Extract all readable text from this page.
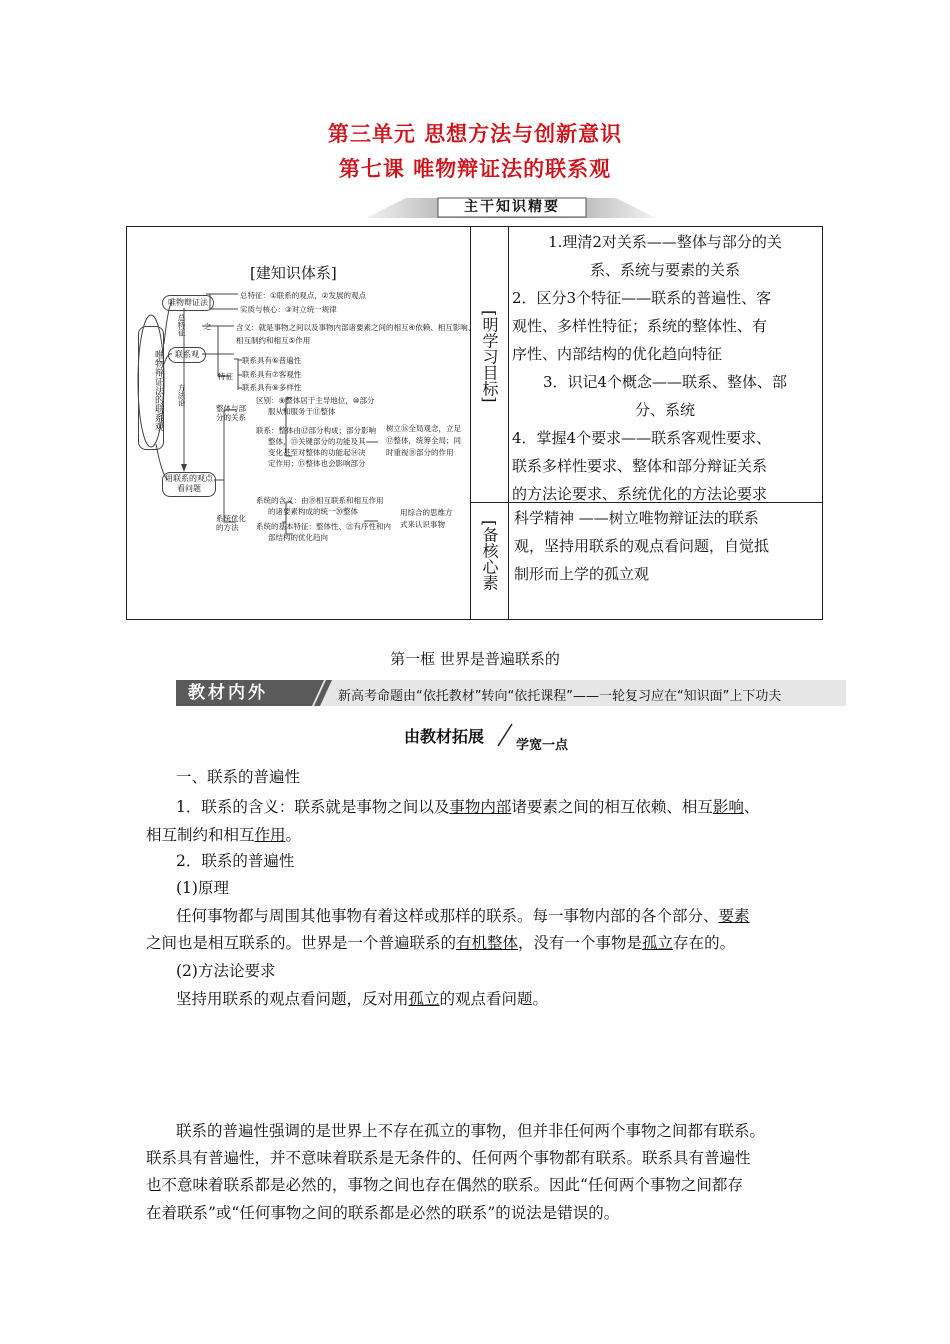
第三单元 思想方法与创新意识
第七课 唯物辩证法的联系观
主干知识精要
[建知识体系]
唯物辩证法的联系观
唯物辩证法
联系观
用联系的观点看问题
总特征 之
方法论
总特征：①联系的观点，②发展的观点
实质与核心：③对立统一规律
含义：就是事物之间以及事物内部诸要素之间的相互④依赖、相互影响、
相互制约和相互⑤作用
特征
联系具有⑥普遍性
联系具有⑦客观性
联系具有⑧多样性
整体与部分的关系
区别：⑨整体居于主导地位，⑩部分
服从和服务于⑪整体
联系：整体由⑫部分构成；部分影响
整体，⑬关键部分的功能及其
变化甚至对整体的功能起⑭决
定作用；⑮整体也会影响部分
树立⑯全局观念，立足
⑰整体，统筹全局；同
时重视⑱部分的作用
系统优化的方法
系统的含义：由⑲相互联系和相互作用
的诸要素构成的统一⑳整体
系统的基本特征：整体性、㉑有序性和内
部结构的优化趋向
用综合的思维方
式来认识事物
[明学习目标]

1.理清2对关系——整体与部分的关

系、系统与要素的关系

2．区分3个特征——联系的普遍性、客

观性、多样性特征；系统的整体性、有

序性、内部结构的优化趋向特征

3．识记4个概念——联系、整体、部

分、系统

4．掌握4个要求——联系客观性要求、

联系多样性要求、整体和部分辩证关系

的方法论要求、系统优化的方法论要求

[备核心素

科学精神 ——树立唯物辩证法的联系

观，坚持用联系的观点看问题，自觉抵

制形而上学的孤立观

第一框 世界是普遍联系的
教材内外	新高考命题由“依托教材”转向“依托课程”——一轮复习应在“知识面”上下功夫
由教材拓展 学宽一点

一、联系的普遍性

1．联系的含义：联系就是事物之间以及事物内部诸要素之间的相互依赖、相互影响、

相互制约和相互作用。

2．联系的普遍性

(1)原理

任何事物都与周围其他事物有着这样或那样的联系。每一事物内部的各个部分、要素

之间也是相互联系的。世界是一个普遍联系的有机整体，没有一个事物是孤立存在的。

(2)方法论要求

坚持用联系的观点看问题，反对用孤立的观点看问题。

联系的普遍性强调的是世界上不存在孤立的事物，但并非任何两个事物之间都有联系。

联系具有普遍性，并不意味着联系是无条件的、任何两个事物都有联系。联系具有普遍性

也不意味着联系都是必然的，事物之间也存在偶然的联系。因此“任何两个事物之间都存

在着联系”或“任何事物之间的联系都是必然的联系”的说法是错误的。
